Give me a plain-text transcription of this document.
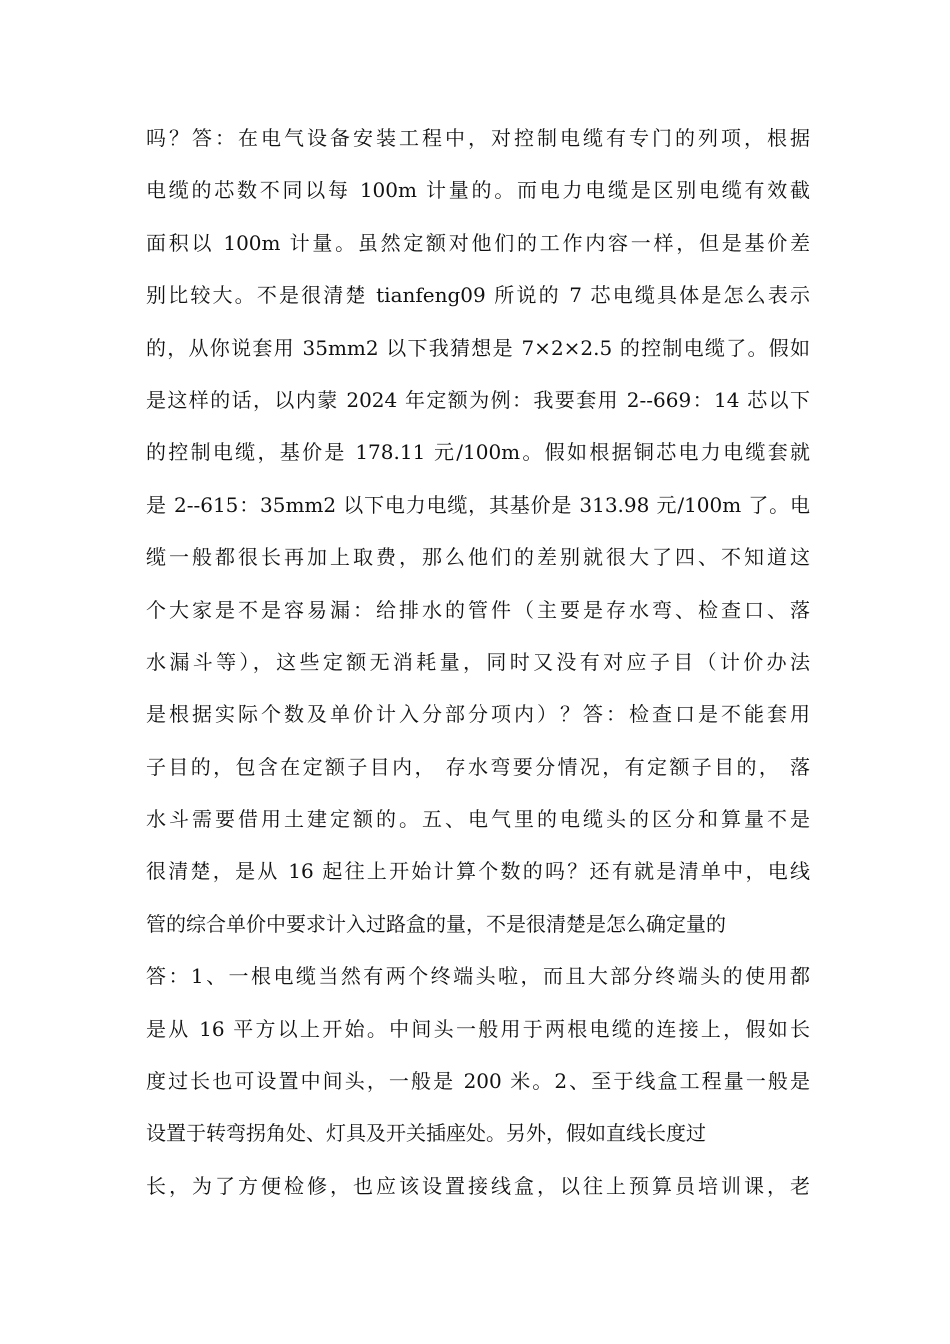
吗？答：在电气设备安装工程中，对控制电缆有专门的列项，根据
电缆的芯数不同以每 100m 计量的。而电力电缆是区别电缆有效截
面积以 100m 计量。虽然定额对他们的工作内容一样，但是基价差
别比较大。不是很清楚 tianfeng09 所说的 7 芯电缆具体是怎么表示
的，从你说套用 35mm2 以下我猜想是 7×2×2.5 的控制电缆了。假如
是这样的话，以内蒙 2024 年定额为例：我要套用 2--669：14 芯以下
的控制电缆，基价是 178.11 元/100m。假如根据铜芯电力电缆套就
是 2--615：35mm2 以下电力电缆，其基价是 313.98 元/100m 了。电
缆一般都很长再加上取费，那么他们的差别就很大了四、不知道这
个大家是不是容易漏：给排水的管件（主要是存水弯、检查口、落
水漏斗等），这些定额无消耗量，同时又没有对应子目（计价办法
是根据实际个数及单价计入分部分项内）？答：检查口是不能套用
子目的，包含在定额子目内， 存水弯要分情况，有定额子目的， 落
水斗需要借用土建定额的。五、电气里的电缆头的区分和算量不是
很清楚，是从 16 起往上开始计算个数的吗？还有就是清单中，电线
管的综合单价中要求计入过路盒的量，不是很清楚是怎么确定量的
答：1、一根电缆当然有两个终端头啦，而且大部分终端头的使用都
是从 16 平方以上开始。中间头一般用于两根电缆的连接上，假如长
度过长也可设置中间头，一般是 200 米。2、至于线盒工程量一般是
设置于转弯拐角处、灯具及开关插座处。另外，假如直线长度过
长，为了方便检修，也应该设置接线盒，以往上预算员培训课，老
